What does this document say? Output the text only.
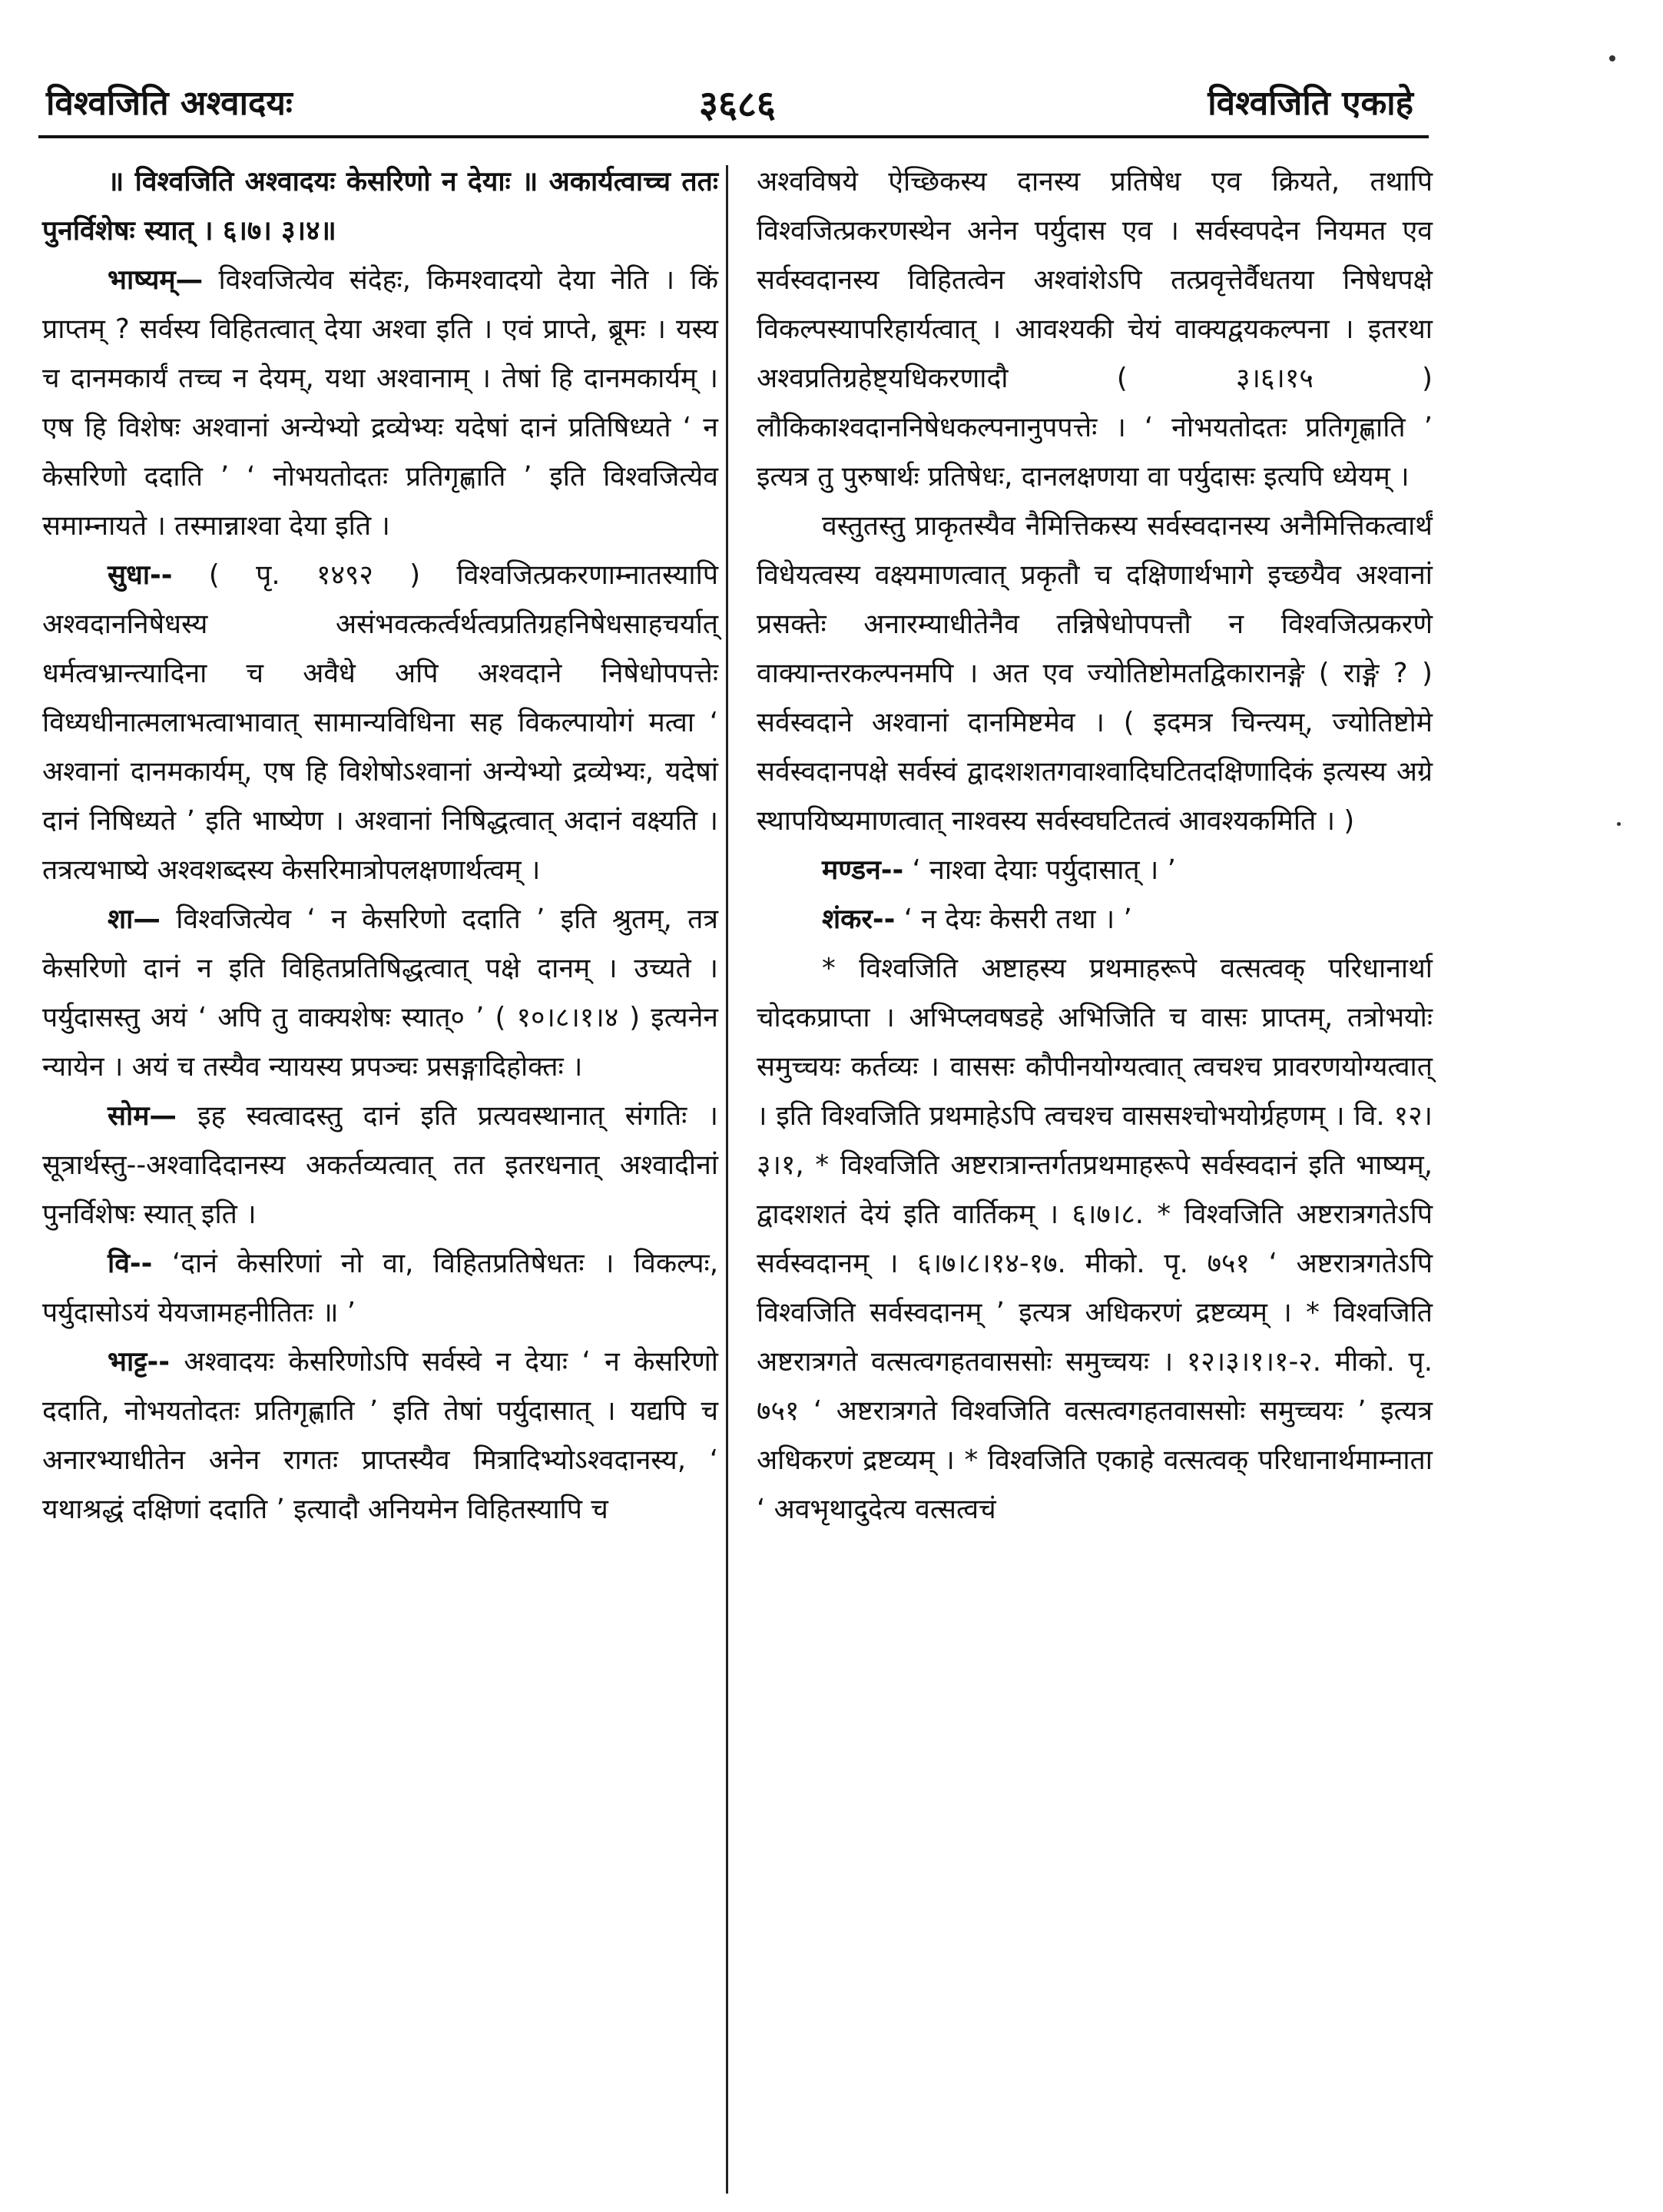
विश्वजिति अश्वादयः	३६८६	विश्वजिति एकाहे

॥ विश्वजिति अश्वादयः केसरिणो न देयाः ॥ अकार्यत्वाच्च ततः पुनर्विशेषः स्यात् । ६।७। ३।४॥

भाष्यम्— विश्वजित्येव संदेहः, किमश्वादयो देया नेति । किं प्राप्तम् ? सर्वस्य विहितत्वात् देया अश्वा इति । एवं प्राप्ते, ब्रूमः । यस्य च दानमकार्यं तच्च न देयम्, यथा अश्वानाम् । तेषां हि दानमकार्यम् । एष हि विशेषः अश्वानां अन्येभ्यो द्रव्येभ्यः यदेषां दानं प्रतिषिध्यते ‘ न केसरिणो ददाति ’ ‘ नोभयतोदतः प्रतिगृह्णाति ’ इति विश्वजित्येव समाम्नायते । तस्मान्नाश्वा देया इति ।

सुधा-- ( पृ. १४९२ ) विश्वजित्प्रकरणाम्नातस्यापि अश्वदाननिषेधस्य असंभवत्कर्त्वर्थत्वप्रतिग्रहनिषेधसाहचर्यात् धर्मत्वभ्रान्त्यादिना च अवैधे अपि अश्वदाने निषेधोपपत्तेः विध्यधीनात्मलाभत्वाभावात् सामान्यविधिना सह विकल्पायोगं मत्वा ‘ अश्वानां दानमकार्यम्, एष हि विशेषोऽश्वानां अन्येभ्यो द्रव्येभ्यः, यदेषां दानं निषिध्यते ’ इति भाष्येण । अश्वानां निषिद्धत्वात् अदानं वक्ष्यति । तत्रत्यभाष्ये अश्वशब्दस्य केसरिमात्रोपलक्षणार्थत्वम् ।

शा— विश्वजित्येव ‘ न केसरिणो ददाति ’ इति श्रुतम्, तत्र केसरिणो दानं न इति विहितप्रतिषिद्धत्वात् पक्षे दानम् । उच्यते । पर्युदासस्तु अयं ‘ अपि तु वाक्यशेषः स्यात्० ’ ( १०।८।१।४ ) इत्यनेन न्यायेन । अयं च तस्यैव न्यायस्य प्रपञ्चः प्रसङ्गादिहोक्तः ।

सोम— इह स्वत्वादस्तु दानं इति प्रत्यवस्थानात् संगतिः । सूत्रार्थस्तु--अश्वादिदानस्य अकर्तव्यत्वात् तत इतरधनात् अश्वादीनां पुनर्विशेषः स्यात् इति ।

वि-- ‘दानं केसरिणां नो वा, विहितप्रतिषेधतः । विकल्पः, पर्युदासोऽयं येयजामहनीतितः ॥ ’

भाट्ट-- अश्वादयः केसरिणोऽपि सर्वस्वे न देयाः ‘ न केसरिणो ददाति, नोभयतोदतः प्रतिगृह्णाति ’ इति तेषां पर्युदासात् । यद्यपि च अनारभ्याधीतेन अनेन रागतः प्राप्तस्यैव मित्रादिभ्योऽश्वदानस्य, ‘ यथाश्रद्धं दक्षिणां ददाति ’ इत्यादौ अनियमेन विहितस्यापि च

अश्वविषये ऐच्छिकस्य दानस्य प्रतिषेध एव क्रियते, तथापि विश्वजित्प्रकरणस्थेन अनेन पर्युदास एव । सर्वस्वपदेन नियमत एव सर्वस्वदानस्य विहितत्वेन अश्वांशेऽपि तत्प्रवृत्तेर्वैधतया निषेधपक्षे विकल्पस्यापरिहार्यत्वात् । आवश्यकी चेयं वाक्यद्वयकल्पना । इतरथा अश्वप्रतिग्रहेष्ट्यधिकरणादौ ( ३।६।१५ ) लौकिकाश्वदाननिषेधकल्पनानुपपत्तेः । ‘ नोभयतोदतः प्रतिगृह्णाति ’ इत्यत्र तु पुरुषार्थः प्रतिषेधः, दानलक्षणया वा पर्युदासः इत्यपि ध्येयम् ।

वस्तुतस्तु प्राकृतस्यैव नैमित्तिकस्य सर्वस्वदानस्य अनैमित्तिकत्वार्थं विधेयत्वस्य वक्ष्यमाणत्वात् प्रकृतौ च दक्षिणार्थभागे इच्छयैव अश्वानां प्रसक्तेः अनारम्याधीतेनैव तन्निषेधोपपत्तौ न विश्वजित्प्रकरणे वाक्यान्तरकल्पनमपि । अत एव ज्योतिष्टोमतद्विकारानङ्गे ( राङ्गे ? ) सर्वस्वदाने अश्वानां दानमिष्टमेव । ( इदमत्र चिन्त्यम्, ज्योतिष्टोमे सर्वस्वदानपक्षे सर्वस्वं द्वादशशतगवाश्वादिघटितदक्षिणादिकं इत्यस्य अग्रे स्थापयिष्यमाणत्वात् नाश्वस्य सर्वस्वघटितत्वं आवश्यकमिति । )

मण्डन-- ‘ नाश्वा देयाः पर्युदासात् । ’

शंकर-- ‘ न देयः केसरी तथा । ’

* विश्वजिति अष्टाहस्य प्रथमाहरूपे वत्सत्वक् परिधानार्था चोदकप्राप्ता । अभिप्लवषडहे अभिजिति च वासः प्राप्तम्, तत्रोभयोः समुच्चयः कर्तव्यः । वाससः कौपीनयोग्यत्वात् त्वचश्च प्रावरणयोग्यत्वात् । इति विश्वजिति प्रथमाहेऽपि त्वचश्च वाससश्चोभयोर्ग्रहणम् । वि. १२।३।१, * विश्वजिति अष्टरात्रान्तर्गतप्रथमाहरूपे सर्वस्वदानं इति भाष्यम्, द्वादशशतं देयं इति वार्तिकम् । ६।७।८. * विश्वजिति अष्टरात्रगतेऽपि सर्वस्वदानम् । ६।७।८।१४-१७. मीको. पृ. ७५१ ‘ अष्टरात्रगतेऽपि विश्वजिति सर्वस्वदानम् ’ इत्यत्र अधिकरणं द्रष्टव्यम् । * विश्वजिति अष्टरात्रगते वत्सत्वगहतवाससोः समुच्चयः । १२।३।१।१-२. मीको. पृ. ७५१ ‘ अष्टरात्रगते विश्वजिति वत्सत्वगहतवाससोः समुच्चयः ’ इत्यत्र अधिकरणं द्रष्टव्यम् । * विश्वजिति एकाहे वत्सत्वक् परिधानार्थमाम्नाता ‘ अवभृथादुदेत्य वत्सत्वचं
